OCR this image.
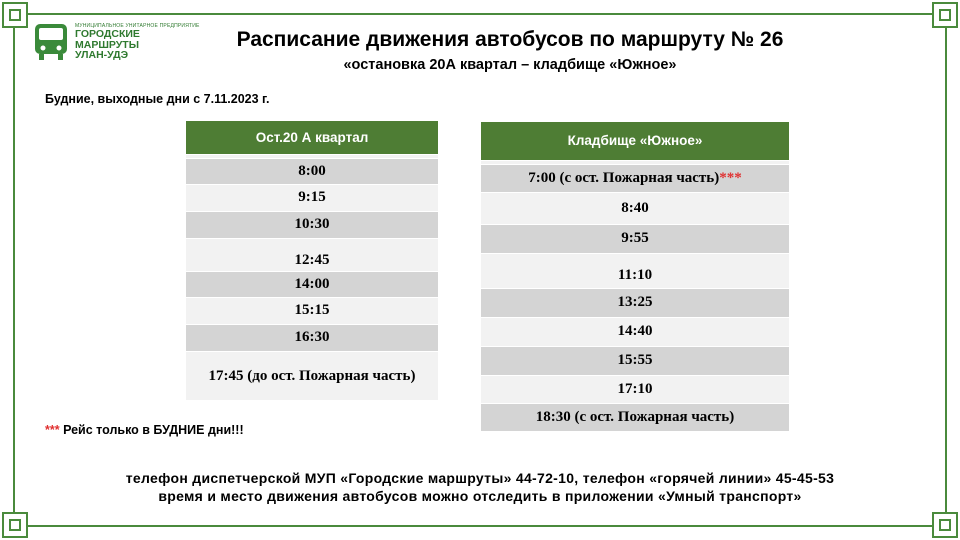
МУНИЦИПАЛЬНОЕ УНИТАРНОЕ ПРЕДПРИЯТИЕ
ГОРОДСКИЕ
МАРШРУТЫ
УЛАН-УДЭ
Расписание движения автобусов по маршруту № 26
«остановка 20А квартал – кладбище «Южное»
Будние, выходные дни с 7.11.2023 г.
Ост.20 А квартал

8:00
9:15
10:30
12:45
14:00
15:15
16:30
17:45 (до ост. Пожарная часть)
Кладбище «Южное»

7:00 (с ост. Пожарная часть)***
8:40
9:55
11:10
13:25
14:40
15:55
17:10
18:30 (с ост. Пожарная часть)
*** Рейс только в БУДНИЕ дни!!!
телефон диспетчерской МУП «Городские маршруты» 44-72-10, телефон «горячей линии» 45-45-53
время и место движения автобусов можно отследить в приложении «Умный транспорт»
